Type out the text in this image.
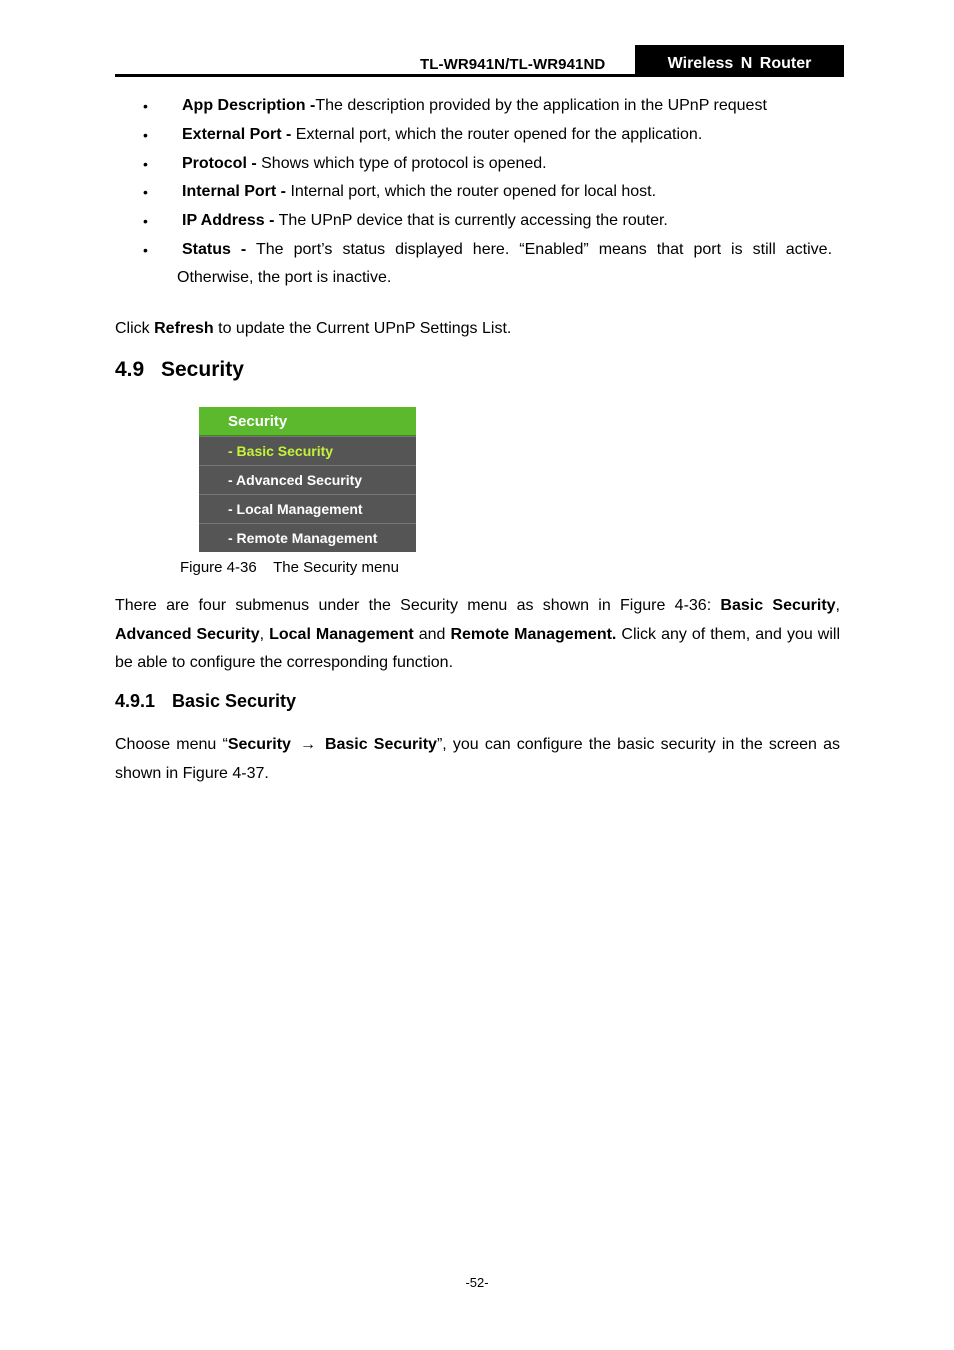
TL-WR941N/TL-WR941ND	Wireless N Router
• App Description -The description provided by the application in the UPnP request
• External Port - External port, which the router opened for the application.
• Protocol - Shows which type of protocol is opened.
• Internal Port - Internal port, which the router opened for local host.
• IP Address - The UPnP device that is currently accessing the router.
• Status - The port’s status displayed here. “Enabled” means that port is still active.
Otherwise, the port is inactive.
Click Refresh to update the Current UPnP Settings List.
4.9 Security
Security
- Basic Security
- Advanced Security
- Local Management
- Remote Management
Figure 4-36    The Security menu
There are four submenus under the Security menu as shown in Figure 4-36: Basic Security, Advanced Security, Local Management and Remote Management. Click any of them, and you will be able to configure the corresponding function.
4.9.1 Basic Security
Choose menu “Security → Basic Security”, you can configure the basic security in the screen as shown in Figure 4-37.
-52-
